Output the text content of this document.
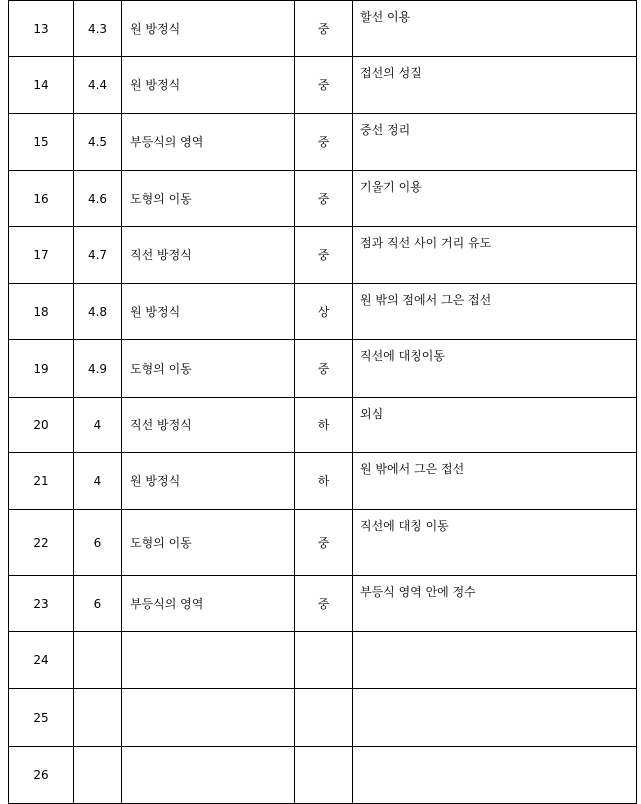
13	4.3	원 방정식	중	할선 이용
14	4.4	원 방정식	중	접선의 성질
15	4.5	부등식의 영역	중	중선 정리
16	4.6	도형의 이동	중	기울기 이용
17	4.7	직선 방정식	중	점과 직선 사이 거리 유도
18	4.8	원 방정식	상	원 밖의 점에서 그은 접선
19	4.9	도형의 이동	중	직선에 대칭이동
20	4	직선 방정식	하	외심
21	4	원 방정식	하	원 밖에서 그은 접선
22	6	도형의 이동	중	직선에 대칭 이동
23	6	부등식의 영역	중	부등식 영역 안에 정수
24				
25				
26				
